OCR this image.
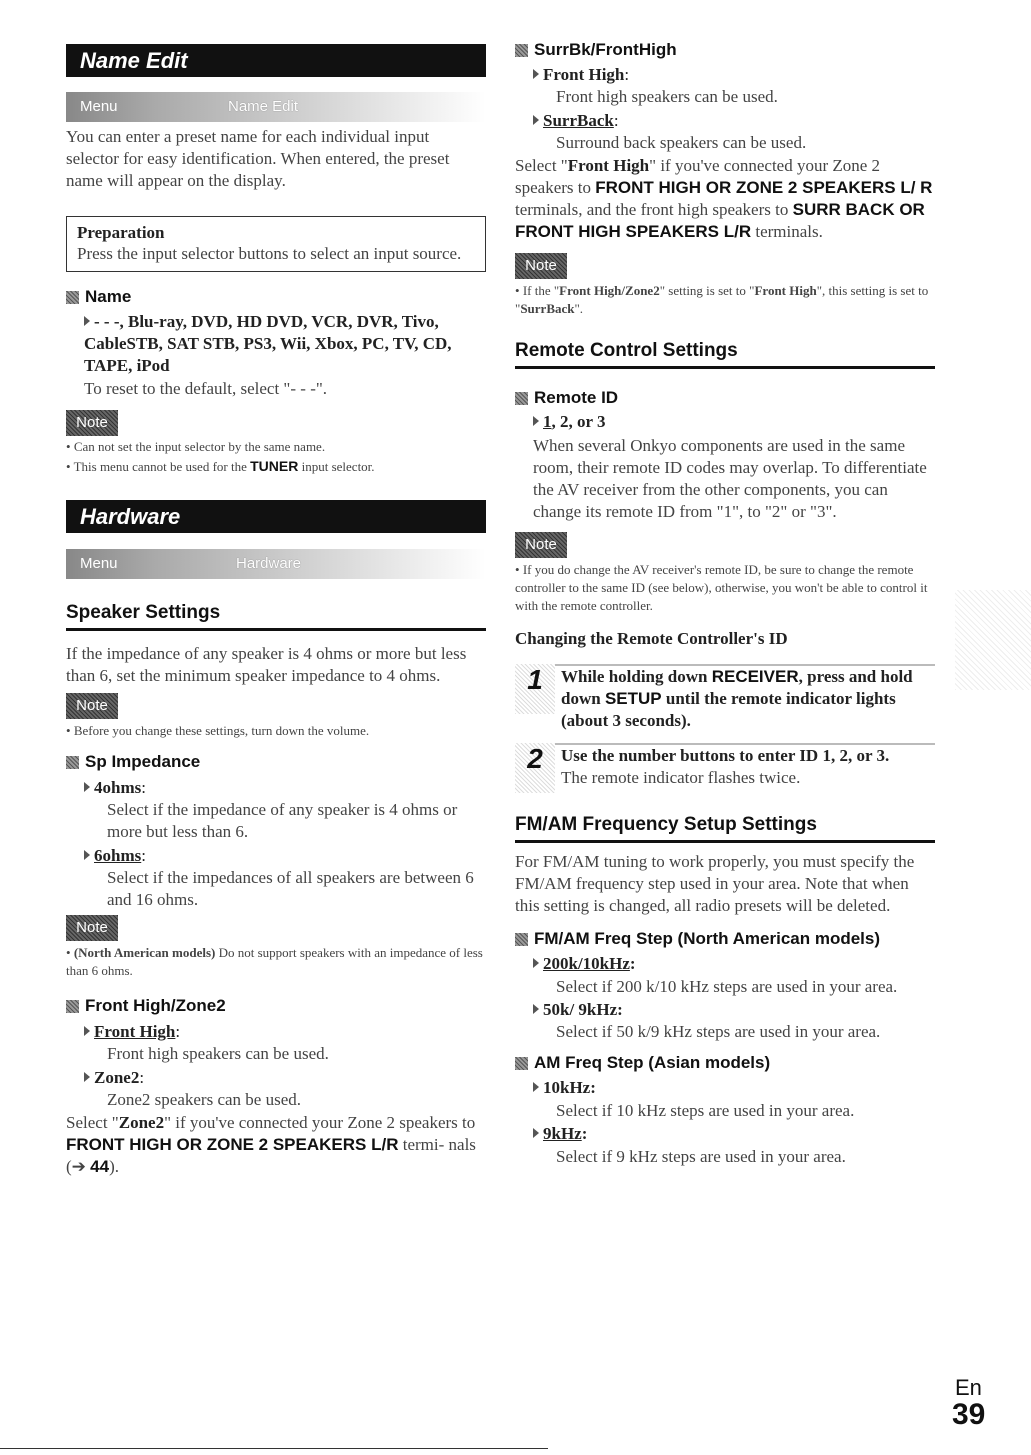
Name Edit
Menu	Name Edit
You can enter a preset name for each individual input selector for easy identification. When entered, the preset name will appear on the display.
Preparation
Press the input selector buttons to select an input source.
Name
- - -, Blu-ray, DVD, HD DVD, VCR, DVR, Tivo, CableSTB, SAT STB, PS3, Wii, Xbox, PC, TV, CD, TAPE, iPod
To reset to the default, select "- - -".
Note
• Can not set the input selector by the same name.
• This menu cannot be used for the TUNER input selector.
Hardware
Menu	Hardware
Speaker Settings
If the impedance of any speaker is 4 ohms or more but less than 6, set the minimum speaker impedance to 4 ohms.
Note
• Before you change these settings, turn down the volume.
Sp Impedance
4ohms:
Select if the impedance of any speaker is 4 ohms or more but less than 6.
6ohms:
Select if the impedances of all speakers are between 6 and 16 ohms.
Note
• (North American models) Do not support speakers with an impedance of less than 6 ohms.
Front High/Zone2
Front High:
Front high speakers can be used.
Zone2:
Zone2 speakers can be used.
Select "Zone2" if you've connected your Zone 2 speakers to FRONT HIGH OR ZONE 2 SPEAKERS L/R termi- nals (➔ 44).
SurrBk/FrontHigh
Front High:
Front high speakers can be used.
SurrBack:
Surround back speakers can be used.
Select "Front High" if you've connected your Zone 2 speakers to FRONT HIGH OR ZONE 2 SPEAKERS L/ R terminals, and the front high speakers to SURR BACK OR FRONT HIGH SPEAKERS L/R terminals.
Note
• If the "Front High/Zone2" setting is set to "Front High", this setting is set to "SurrBack".
Remote Control Settings
Remote ID
1, 2, or 3
When several Onkyo components are used in the same room, their remote ID codes may overlap. To differentiate the AV receiver from the other components, you can change its remote ID from "1", to "2" or "3".
Note
• If you do change the AV receiver's remote ID, be sure to change the remote controller to the same ID (see below), otherwise, you won't be able to control it with the remote controller.
Changing the Remote Controller's ID
1	While holding down RECEIVER, press and hold down SETUP until the remote indicator lights (about 3 seconds).
2	Use the number buttons to enter ID 1, 2, or 3.
The remote indicator flashes twice.
FM/AM Frequency Setup Settings
For FM/AM tuning to work properly, you must specify the FM/AM frequency step used in your area. Note that when this setting is changed, all radio presets will be deleted.
FM/AM Freq Step (North American models)
200k/10kHz:
Select if 200 k/10 kHz steps are used in your area.
50k/ 9kHz:
Select if 50 k/9 kHz steps are used in your area.
AM Freq Step (Asian models)
10kHz:
Select if 10 kHz steps are used in your area.
9kHz:
Select if 9 kHz steps are used in your area.
En
39
